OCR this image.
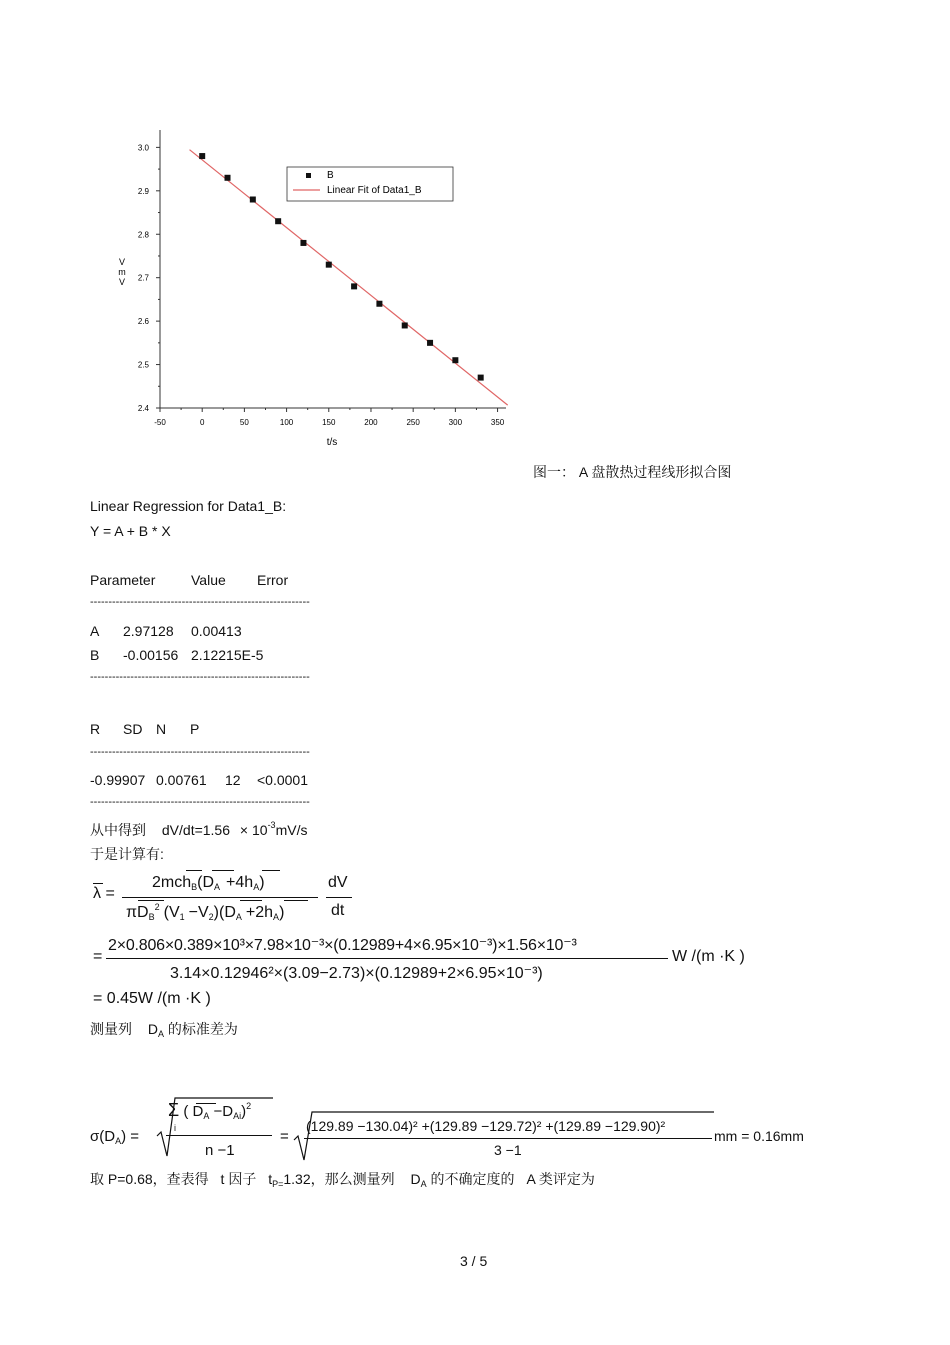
-50	0	50	100	150	200	250	300	350
2.4
2.5
2.6
2.7
2.8
2.9
3.0
t/s
V
m
V
B
Linear Fit of Data1_B
图一： A 盘散热过程线形拟合图
Linear Regression for Data1_B:
Y = A + B * X
Parameter	Value Error
------------------------------------------------------------
A 2.97128 0.00413
B -0.00156 2.12215E-5
------------------------------------------------------------
R SD N P
------------------------------------------------------------
-0.99907 0.00761 12 <0.0001
------------------------------------------------------------
从中得到 $dV/dt=1.56 \times 10^{-3}mV/s$
于是计算有:
λ =
2mchB(DA +4hA)
πDB$^2$ (V1 −V2)(DA +2hA)
dV
dt
=
2×0.806×0.389×10³×7.98×10⁻³×(0.12989+4×6.95×10⁻³)×1.56×10⁻³
3.14×0.12946²×(3.09−2.73)×(0.12989+2×6.95×10⁻³)
W /(m ·K )
= 0.45W /(m ·K )
测量列 $D_A$ 的标准差为
$\sigma(D_A)$ =
Σ ( $D_A -D_{Ai})^2$
i
n −1
=
(129.89 −130.04)² +(129.89 −129.72)² +(129.89 −129.90)²
3 −1
mm = 0.16mm
取 P=0.68，查表得 t 因子 $t_{P=}1.32$，那么测量列 $D_A$ 的不确定度的 A 类评定为
3 / 5
